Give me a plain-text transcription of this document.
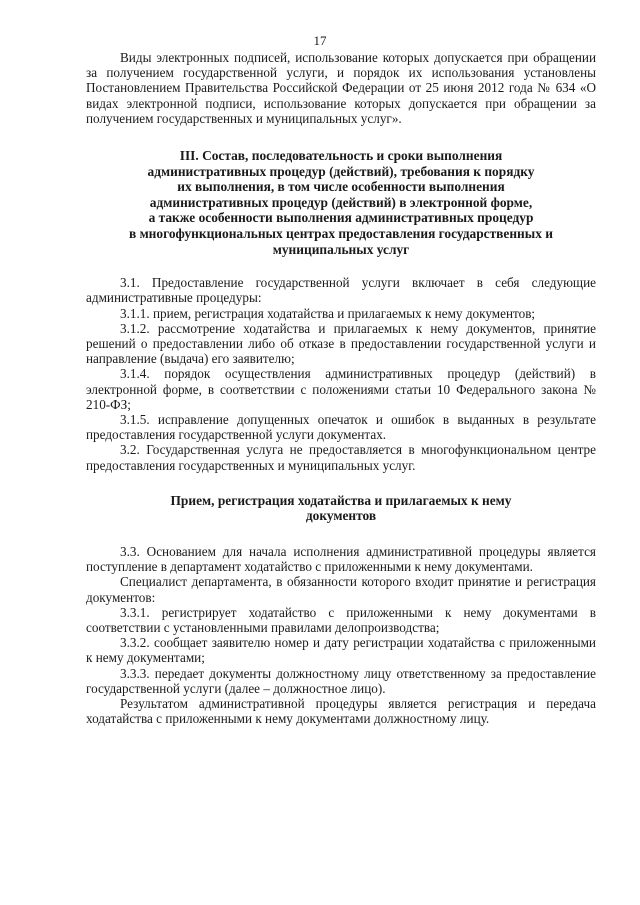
17

Виды электронных подписей, использование которых допускается при обращении за получением государственной услуги, и порядок их использования установлены Постановлением Правительства Российской Федерации от 25 июня 2012 года № 634 «О видах электронной подписи, использование которых допускается при обращении за получением государственных и муниципальных услуг».

III. Состав, последовательность и сроки выполнения
административных процедур (действий), требования к порядку
их выполнения, в том числе особенности выполнения
административных процедур (действий) в электронной форме,
а также особенности выполнения административных процедур
в многофункциональных центрах предоставления государственных и
муниципальных услуг

3.1. Предоставление государственной услуги включает в себя следующие административные процедуры:

3.1.1. прием, регистрация ходатайства и прилагаемых к нему документов;

3.1.2. рассмотрение ходатайства и прилагаемых к нему документов, принятие решений о предоставлении либо об отказе в предоставлении государственной услуги и направление (выдача) его заявителю;

3.1.4. порядок осуществления административных процедур (действий) в электронной форме, в соответствии с положениями статьи 10 Федерального закона № 210-ФЗ;

3.1.5. исправление допущенных опечаток и ошибок в выданных в результате предоставления государственной услуги документах.

3.2. Государственная услуга не предоставляется в многофункциональном центре предоставления государственных и муниципальных услуг.

Прием, регистрация ходатайства и прилагаемых к нему
документов

3.3. Основанием для начала исполнения административной процедуры является поступление в департамент ходатайство с приложенными к нему документами.

Специалист департамента, в обязанности которого входит принятие и регистрация документов:

3.3.1. регистрирует ходатайство с приложенными к нему документами в соответствии с установленными правилами делопроизводства;

3.3.2. сообщает заявителю номер и дату регистрации ходатайства с приложенными к нему документами;

3.3.3. передает документы должностному лицу ответственному за предоставление государственной услуги (далее – должностное лицо).

Результатом административной процедуры является регистрация и передача ходатайства с приложенными к нему документами должностному лицу.
